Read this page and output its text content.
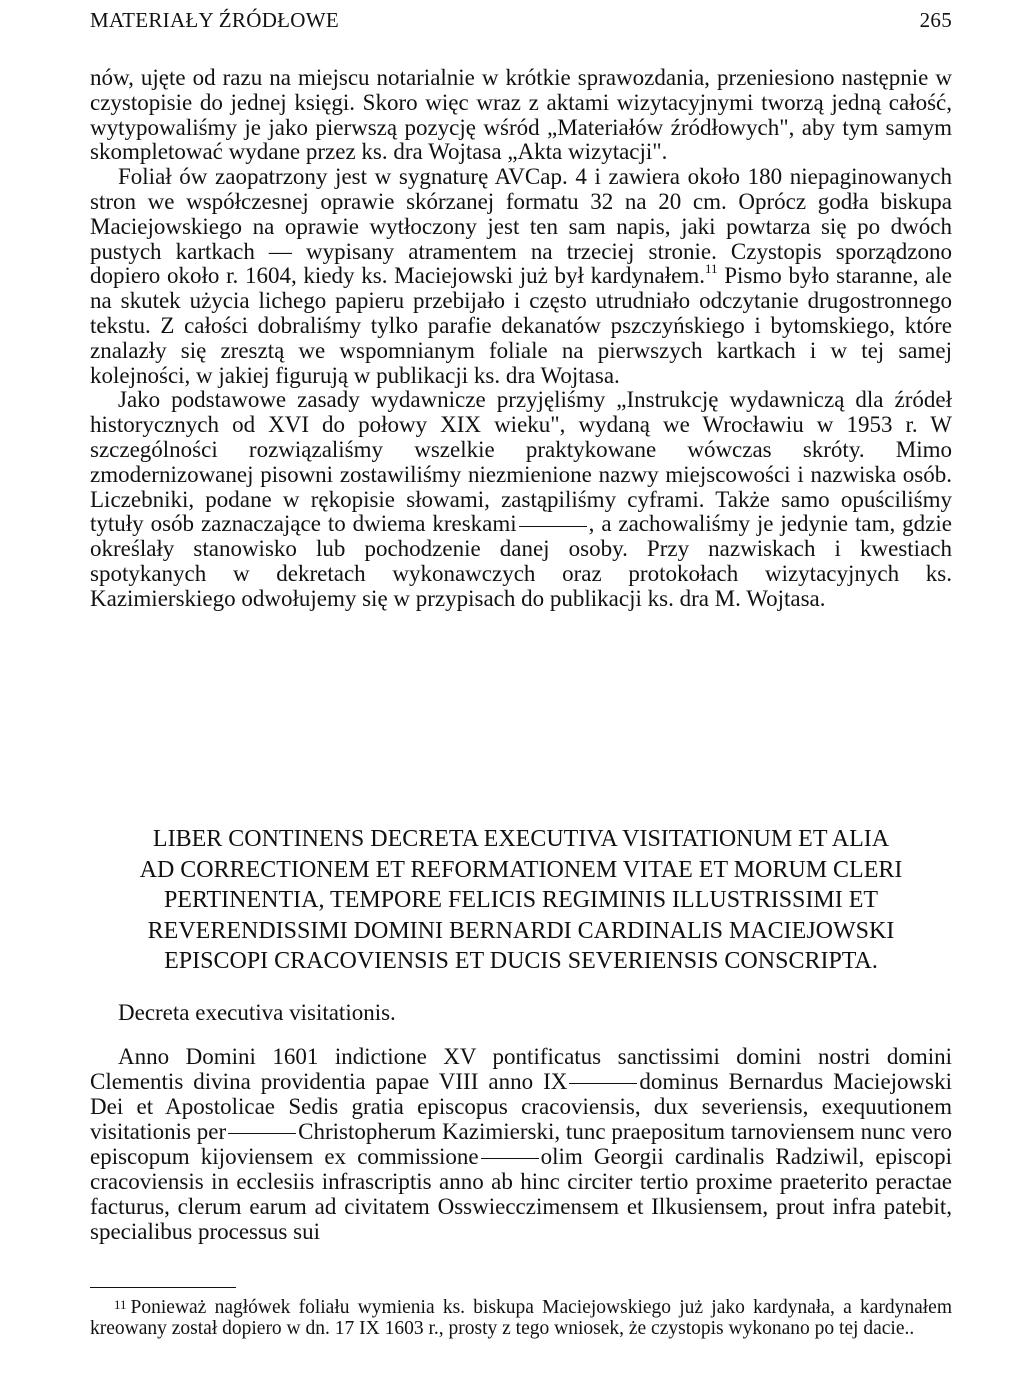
MATERIAŁY ŹRÓDŁOWE	265

nów, ujęte od razu na miejscu notarialnie w krótkie sprawozdania, przeniesiono następnie w czystopisie do jednej księgi. Skoro więc wraz z aktami wizytacyjnymi tworzą jedną całość, wytypowaliśmy je jako pierwszą pozycję wśród „Materiałów źródłowych", aby tym samym skompletować wydane przez ks. dra Wojtasa „Akta wizytacji".

Foliał ów zaopatrzony jest w sygnaturę AVCap. 4 i zawiera około 180 niepaginowanych stron we współczesnej oprawie skórzanej formatu 32 na 20 cm. Oprócz godła biskupa Maciejowskiego na oprawie wytłoczony jest ten sam napis, jaki powtarza się po dwóch pustych kartkach — wypisany atramentem na trzeciej stronie. Czystopis sporządzono dopiero około r. 1604, kiedy ks. Maciejowski już był kardynałem.$^{11}$ Pismo było staranne, ale na skutek użycia lichego papieru przebijało i często utrudniało odczytanie drugostronnego tekstu. Z całości dobraliśmy tylko parafie dekanatów pszczyńskiego i bytomskiego, które znalazły się zresztą we wspomnianym foliale na pierwszych kartkach i w tej samej kolejności, w jakiej figurują w publikacji ks. dra Wojtasa.

Jako podstawowe zasady wydawnicze przyjęliśmy „Instrukcję wydawniczą dla źródeł historycznych od XVI do połowy XIX wieku", wydaną we Wrocławiu w 1953 r. W szczególności rozwiązaliśmy wszelkie praktykowane wówczas skróty. Mimo zmodernizowanej pisowni zostawiliśmy niezmienione nazwy miejscowości i nazwiska osób. Liczebniki, podane w rękopisie słowami, zastąpiliśmy cyframi. Także samo opuściliśmy tytuły osób zaznaczające to dwiema kreskami	, a zachowaliśmy je jedynie tam, gdzie określały stanowisko lub pochodzenie danej osoby. Przy nazwiskach i kwestiach spotykanych w dekretach wykonawczych oraz protokołach wizytacyjnych ks. Kazimierskiego odwołujemy się w przypisach do publikacji ks. dra M. Wojtasa.

LIBER CONTINENS DECRETA EXECUTIVA VISITATIONUM ET ALIA
AD CORRECTIONEM ET REFORMATIONEM VITAE ET MORUM CLERI
PERTINENTIA, TEMPORE FELICIS REGIMINIS ILLUSTRISSIMI ET
REVERENDISSIMI DOMINI BERNARDI CARDINALIS MACIEJOWSKI
EPISCOPI CRACOVIENSIS ET DUCIS SEVERIENSIS CONSCRIPTA.
Decreta executiva visitationis.

Anno Domini 1601 indictione XV pontificatus sanctissimi domini nostri domini Clementis divina providentia papae VIII anno IX	dominus Bernardus Maciejowski Dei et Apostolicae Sedis gratia episcopus cracoviensis, dux severiensis, exequutionem visitationis per	Christopherum Kazimierski, tunc praepositum tarnoviensem nunc vero episcopum kijoviensem ex commissione	olim Georgii cardinalis Radziwil, episcopi cracoviensis in ecclesiis infrascriptis anno ab hinc circiter tertio proxime praeterito peractae facturus, clerum earum ad civitatem Osswiecczimensem et Ilkusiensem, prout infra patebit, specialibus processus sui

$^{11}$ Ponieważ nagłówek foliału wymienia ks. biskupa Maciejowskiego już jako kardynała, a kardynałem kreowany został dopiero w dn. 17 IX 1603 r., prosty z tego wniosek, że czystopis wykonano po tej dacie..
